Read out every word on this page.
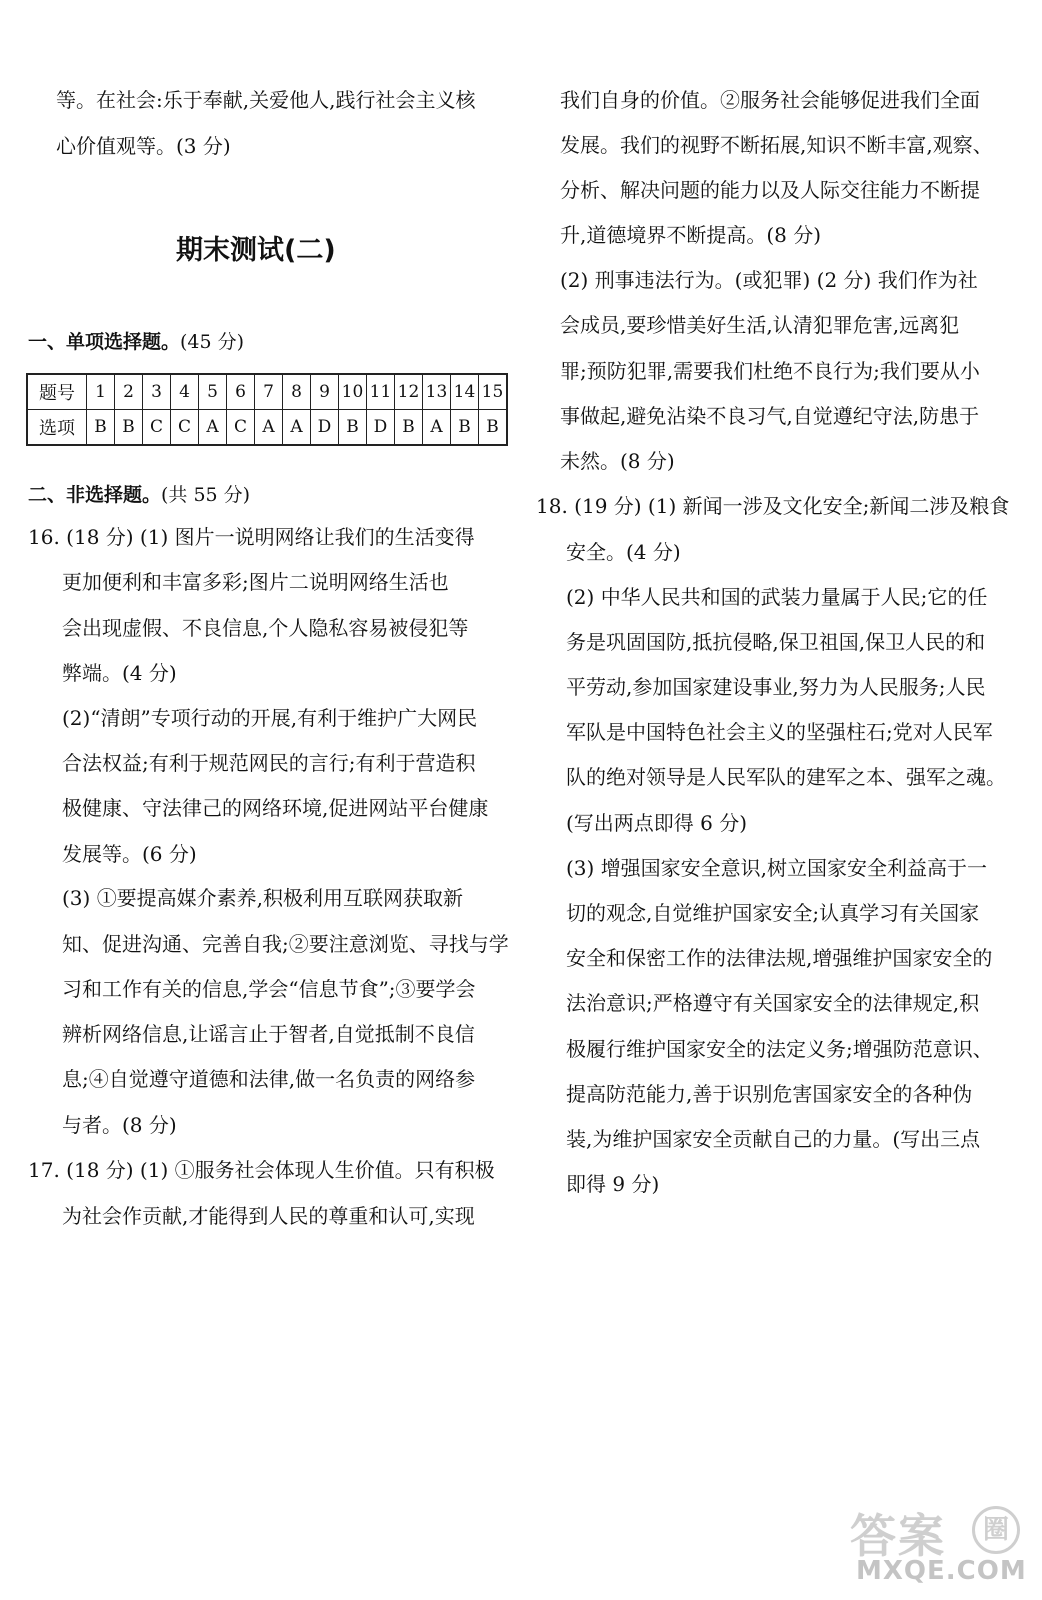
等。在社会:乐于奉献,关爱他人,践行社会主义核
心价值观等。(3 分)
期末测试(二)
一、单项选择题。(45 分)
题号	1	2	3	4	5	6	7	8	9	10	11	12	13	14	15
选项	B	B	C	C	A	C	A	A	D	B	D	B	A	B	B
二、非选择题。(共 55 分)
16. (18 分) (1) 图片一说明网络让我们的生活变得
更加便利和丰富多彩;图片二说明网络生活也
会出现虚假、不良信息,个人隐私容易被侵犯等
弊端。(4 分)
(2)“清朗”专项行动的开展,有利于维护广大网民
合法权益;有利于规范网民的言行;有利于营造积
极健康、守法律己的网络环境,促进网站平台健康
发展等。(6 分)
(3) ①要提高媒介素养,积极利用互联网获取新
知、促进沟通、完善自我;②要注意浏览、寻找与学
习和工作有关的信息,学会“信息节食”;③要学会
辨析网络信息,让谣言止于智者,自觉抵制不良信
息;④自觉遵守道德和法律,做一名负责的网络参
与者。(8 分)
17. (18 分) (1) ①服务社会体现人生价值。只有积极
为社会作贡献,才能得到人民的尊重和认可,实现
我们自身的价值。②服务社会能够促进我们全面
发展。我们的视野不断拓展,知识不断丰富,观察、
分析、解决问题的能力以及人际交往能力不断提
升,道德境界不断提高。(8 分)
(2) 刑事违法行为。(或犯罪) (2 分) 我们作为社
会成员,要珍惜美好生活,认清犯罪危害,远离犯
罪;预防犯罪,需要我们杜绝不良行为;我们要从小
事做起,避免沾染不良习气,自觉遵纪守法,防患于
未然。(8 分)
18. (19 分) (1) 新闻一涉及文化安全;新闻二涉及粮食
安全。(4 分)
(2) 中华人民共和国的武装力量属于人民;它的任
务是巩固国防,抵抗侵略,保卫祖国,保卫人民的和
平劳动,参加国家建设事业,努力为人民服务;人民
军队是中国特色社会主义的坚强柱石;党对人民军
队的绝对领导是人民军队的建军之本、强军之魂。
(写出两点即得 6 分)
(3) 增强国家安全意识,树立国家安全利益高于一
切的观念,自觉维护国家安全;认真学习有关国家
安全和保密工作的法律法规,增强维护国家安全的
法治意识;严格遵守有关国家安全的法律规定,积
极履行维护国家安全的法定义务;增强防范意识、
提高防范能力,善于识别危害国家安全的各种伪
装,为维护国家安全贡献自己的力量。(写出三点
即得 9 分)
答案	圈
MXQE.COM
